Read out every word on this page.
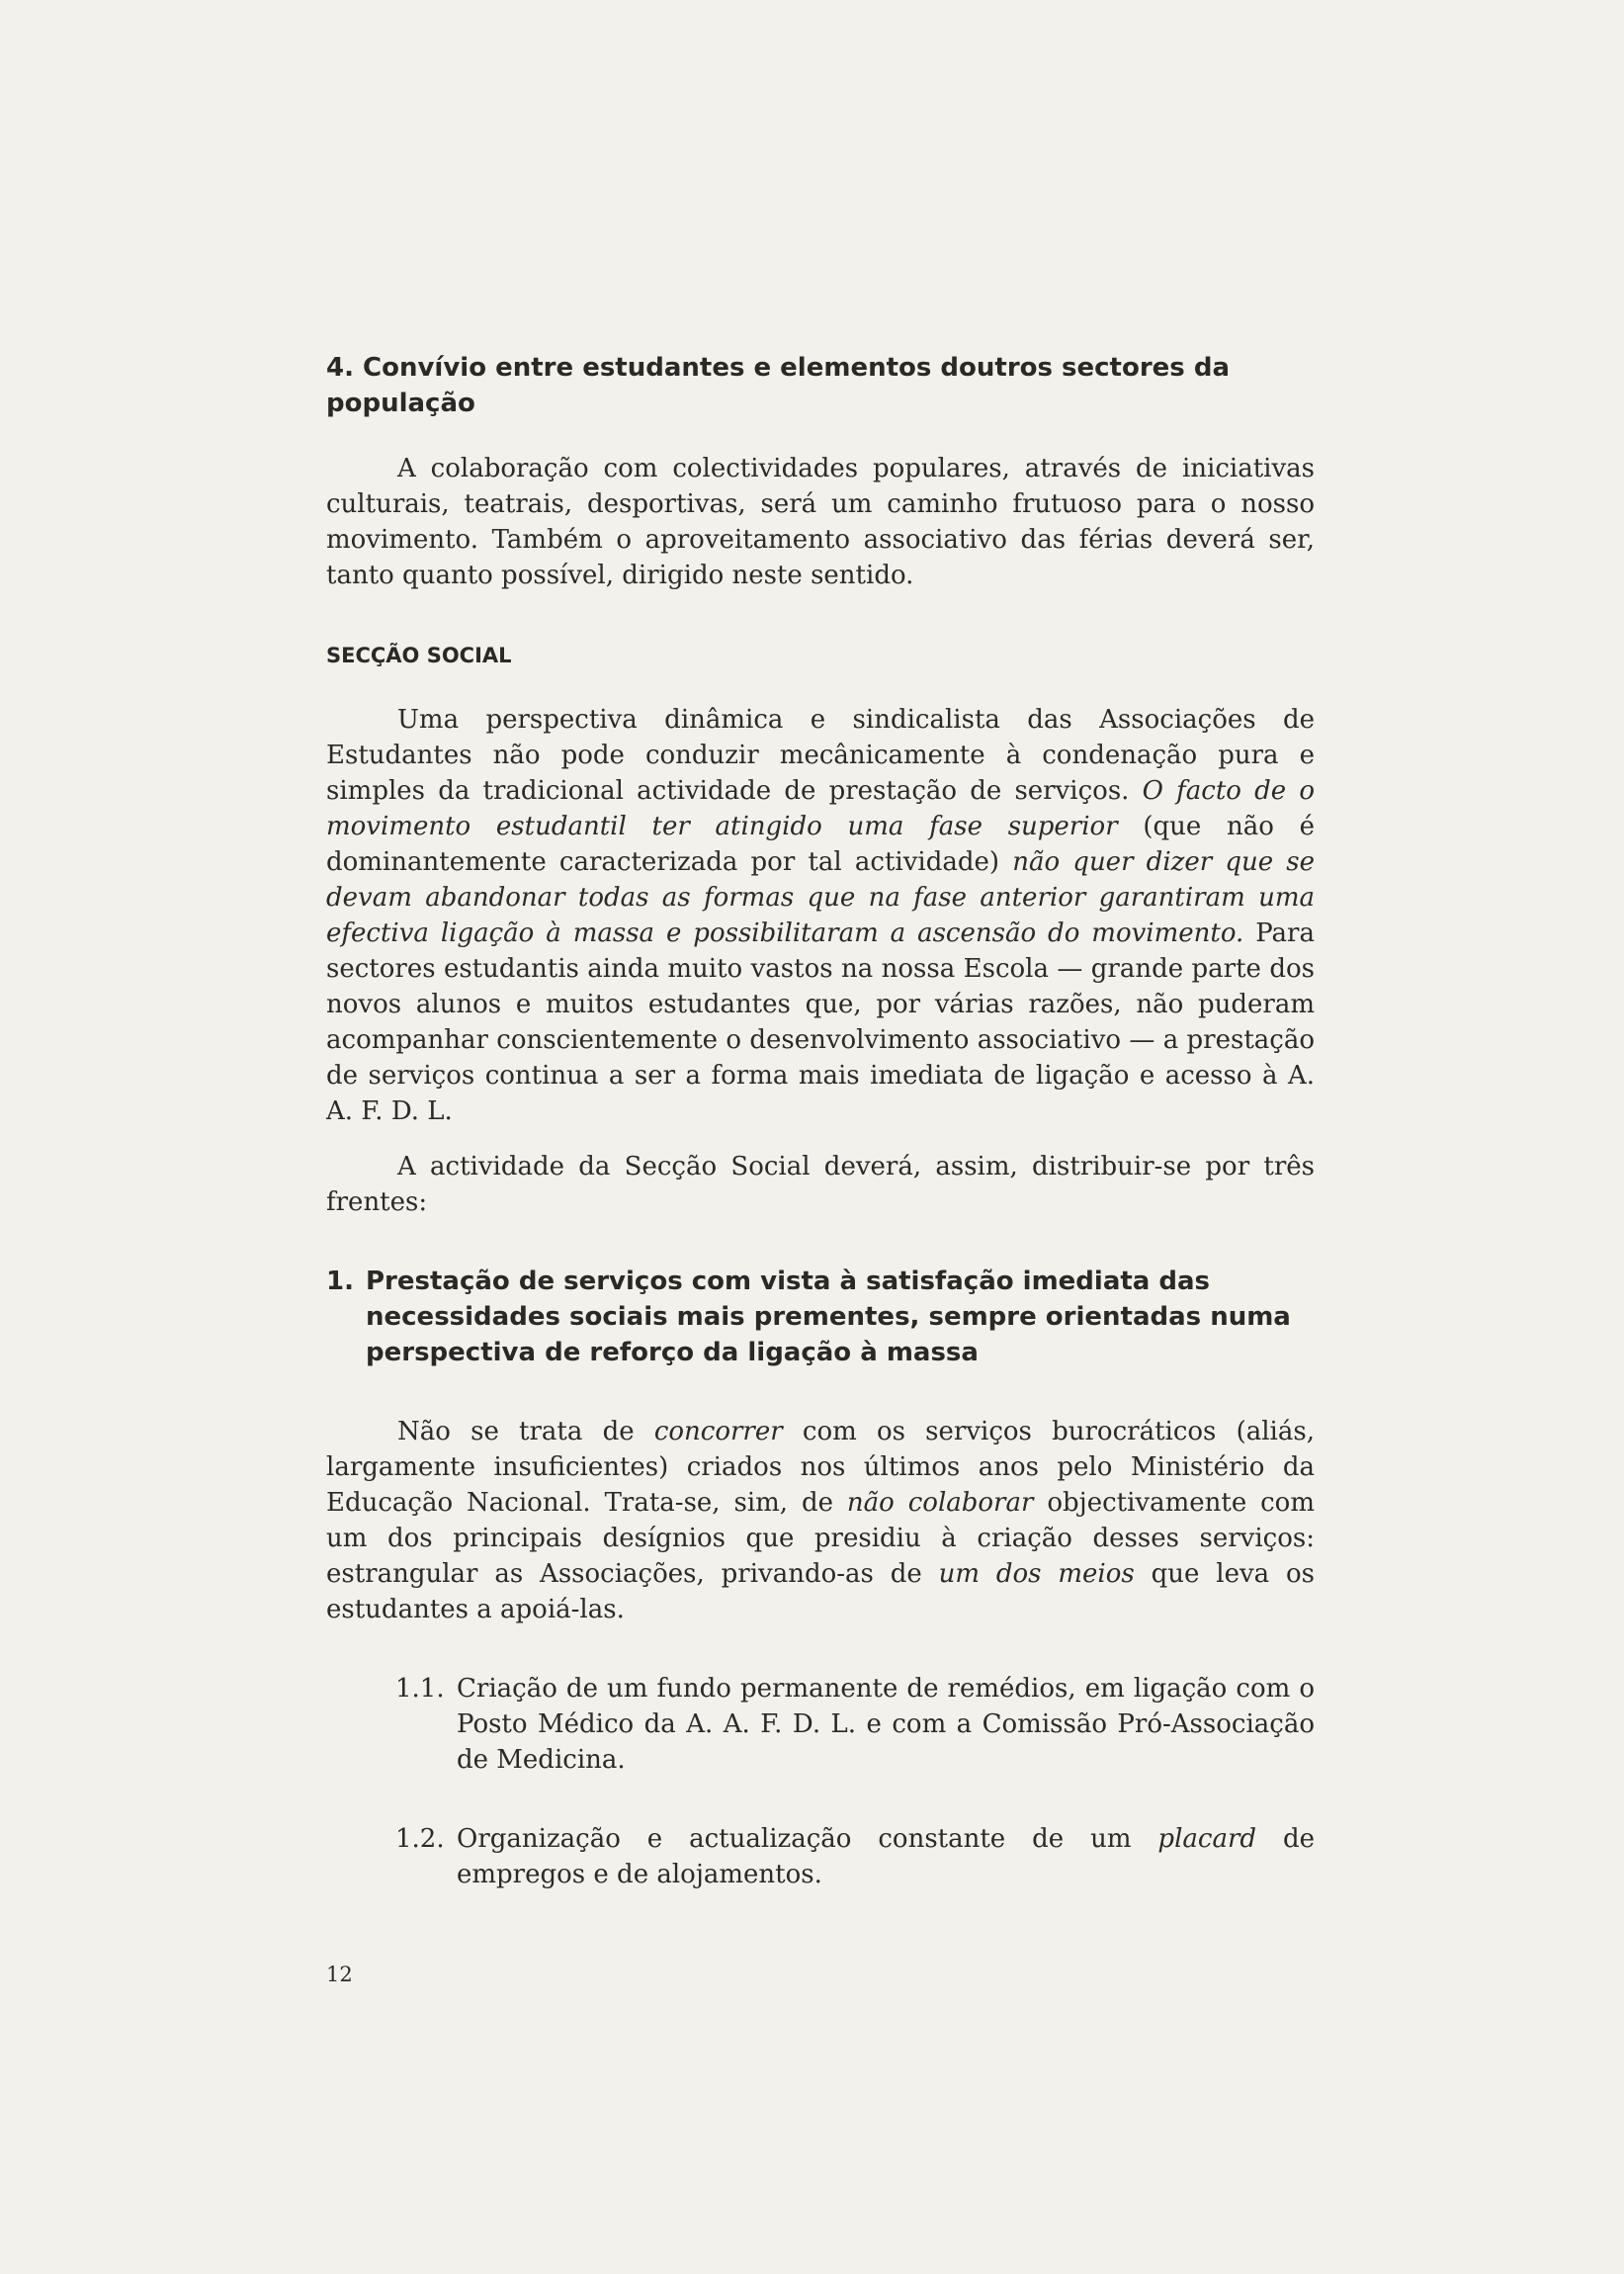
4. Convívio entre estudantes e elementos doutros sectores da população

A colaboração com colectividades populares, através de iniciativas culturais, teatrais, desportivas, será um caminho frutuoso para o nosso movimento. Também o aproveitamento associativo das férias deverá ser, tanto quanto possível, dirigido neste sentido.

SECÇÃO SOCIAL

Uma perspectiva dinâmica e sindicalista das Associações de Estudantes não pode conduzir mecânicamente à condenação pura e simples da tradicional actividade de prestação de serviços. O facto de o movimento estudantil ter atingido uma fase superior (que não é dominantemente caracterizada por tal actividade) não quer dizer que se devam abandonar todas as formas que na fase anterior garantiram uma efectiva ligação à massa e possibilitaram a ascensão do movimento. Para sectores estudantis ainda muito vastos na nossa Escola — grande parte dos novos alunos e muitos estudantes que, por várias razões, não puderam acompanhar conscientemente o desenvolvimento associativo — a prestação de serviços continua a ser a forma mais imediata de ligação e acesso à A. A. F. D. L.

A actividade da Secção Social deverá, assim, distribuir-se por três frentes:

1. Prestação de serviços com vista à satisfação imediata das necessidades sociais mais prementes, sempre orientadas numa perspectiva de reforço da ligação à massa

Não se trata de concorrer com os serviços burocráticos (aliás, largamente insuficientes) criados nos últimos anos pelo Ministério da Educação Nacional. Trata-se, sim, de não colaborar objectivamente com um dos principais desígnios que presidiu à criação desses serviços: estrangular as Associações, privando-as de um dos meios que leva os estudantes a apoiá-las.

1.1. Criação de um fundo permanente de remédios, em ligação com o Posto Médico da A. A. F. D. L. e com a Comissão Pró-Associação de Medicina.
1.2. Organização e actualização constante de um placard de empregos e de alojamentos.
12
